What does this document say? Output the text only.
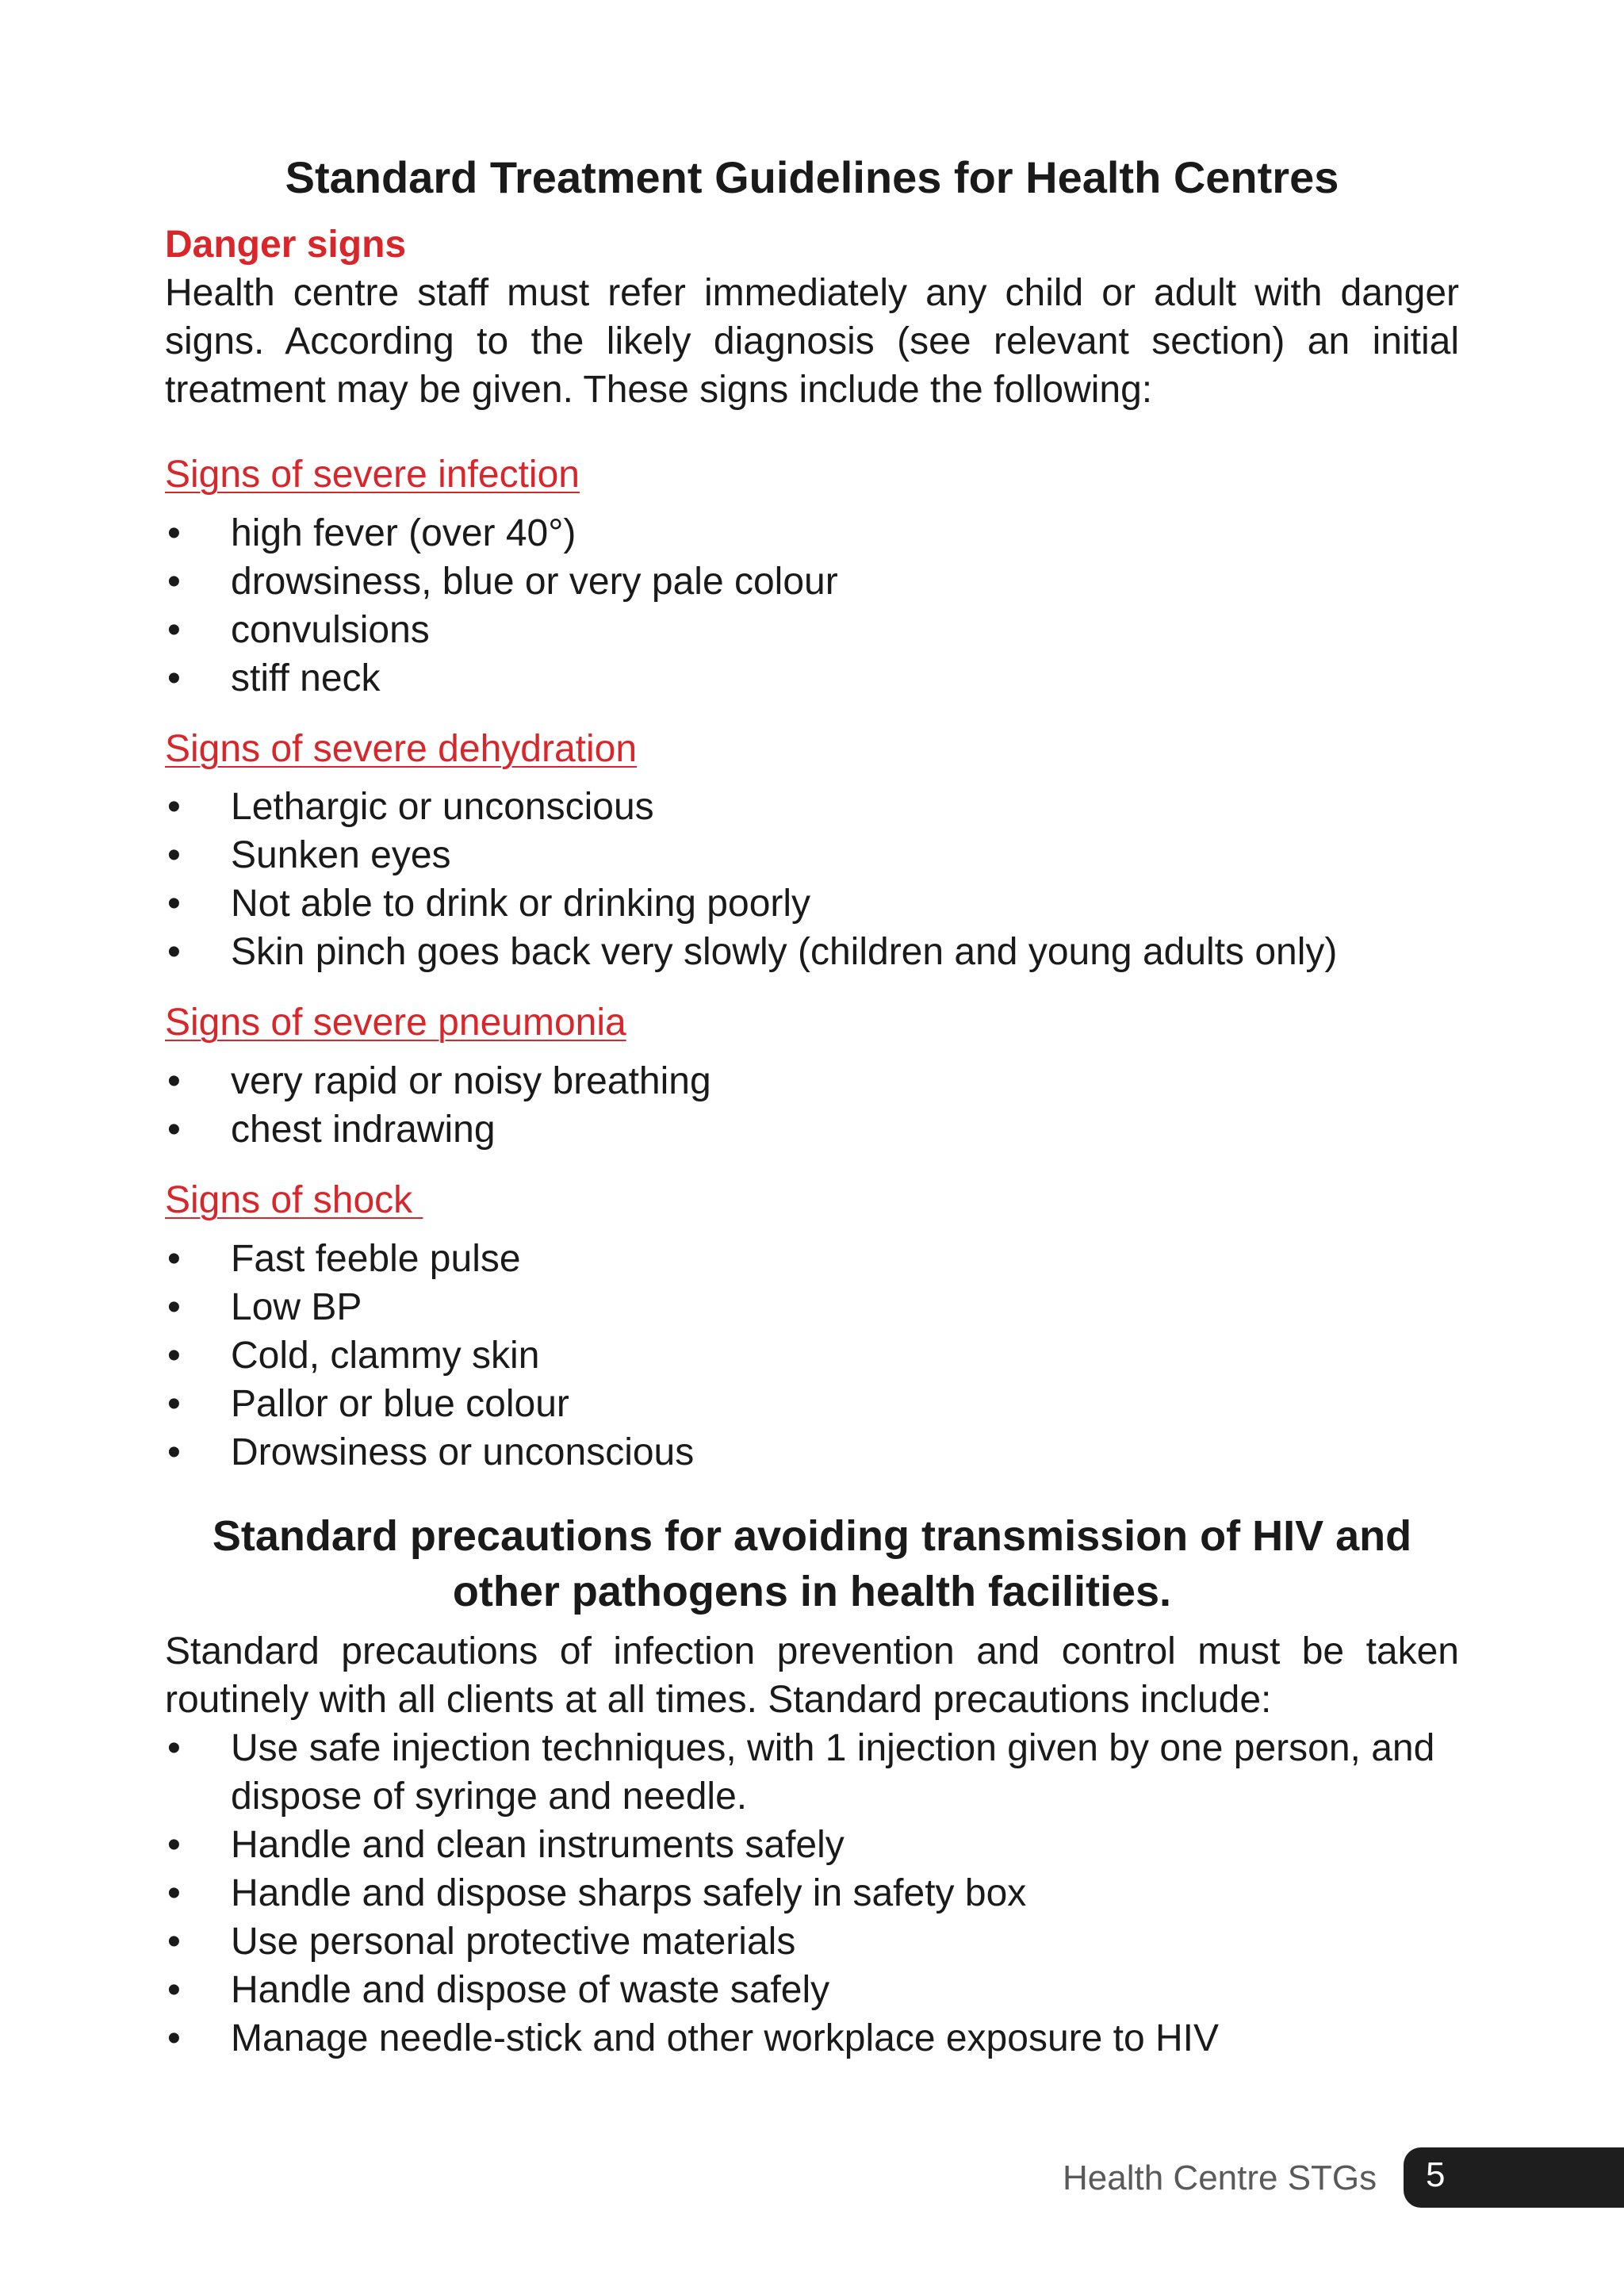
Standard Treatment Guidelines for Health Centres
Danger signs

Health centre staff must refer immediately any child or adult with danger signs. According to the likely diagnosis (see relevant section) an initial treatment may be given. These signs include the following:

Signs of severe infection
• high fever (over 40°)
• drowsiness, blue or very pale colour
• convulsions
• stiff neck
Signs of severe dehydration
• Lethargic or unconscious
• Sunken eyes
• Not able to drink or drinking poorly
• Skin pinch goes back very slowly (children and young adults only)
Signs of severe pneumonia
• very rapid or noisy breathing
• chest indrawing
Signs of shock
• Fast feeble pulse
• Low BP
• Cold, clammy skin
• Pallor or blue colour
• Drowsiness or unconscious
Standard precautions for avoiding transmission of HIV and
other pathogens in health facilities.

Standard precautions of infection prevention and control must be taken routinely with all clients at all times. Standard precautions include:

• Use safe injection techniques, with 1 injection given by one person, and dispose of syringe and needle.
• Handle and clean instruments safely
• Handle and dispose sharps safely in safety box
• Use personal protective materials
• Handle and dispose of waste safely
• Manage needle-stick and other workplace exposure to HIV
Health Centre STGs 5
